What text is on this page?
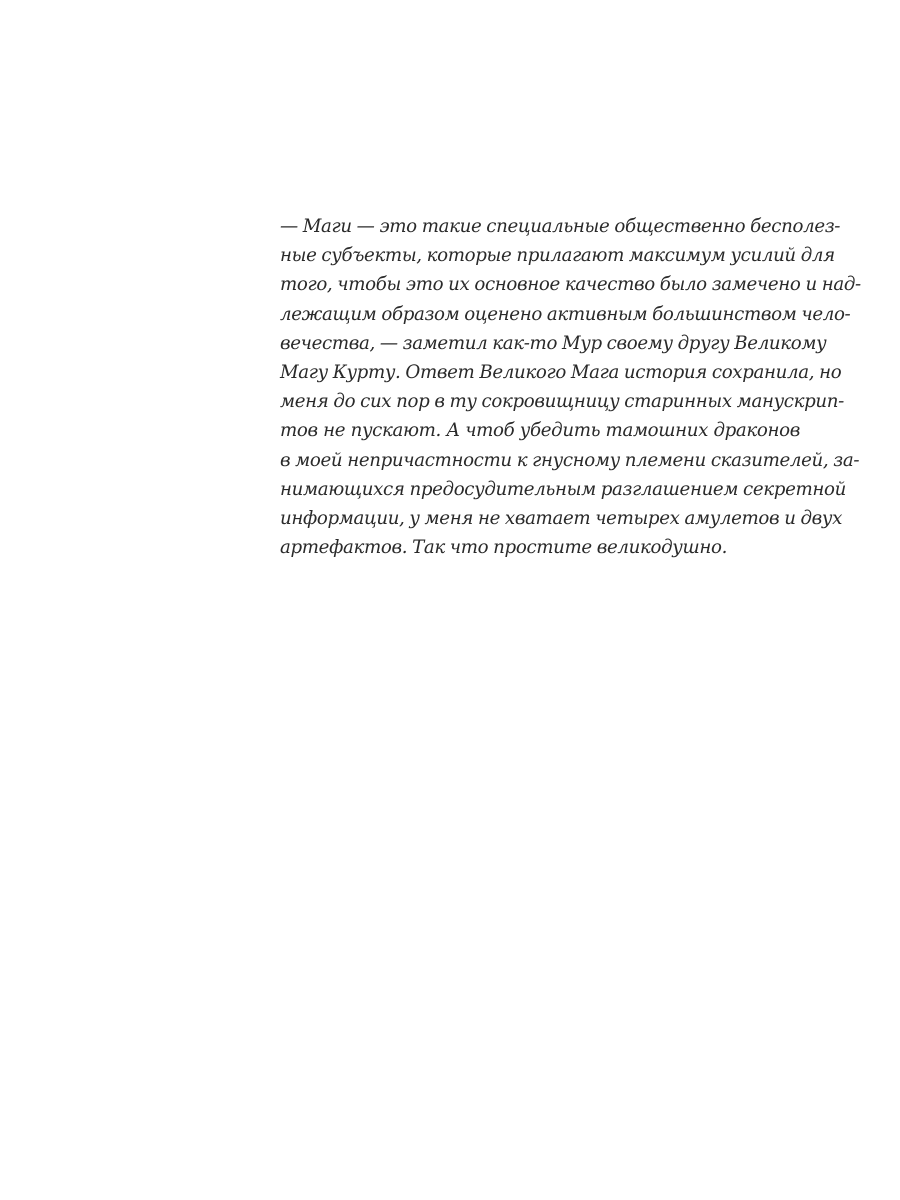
— Маги — это такие специальные общественно бесполез-
ные субъекты, которые прилагают максимум усилий для
того, чтобы это их основное качество было замечено и над-
лежащим образом оценено активным большинством чело-
вечества, — заметил как-то Мур своему другу Великому
Магу Курту. Ответ Великого Мага история сохранила, но
меня до сих пор в ту сокровищницу старинных манускрип-
тов не пускают. А чтоб убедить тамошних драконов
в моей непричастности к гнусному племени сказителей, за-
нимающихся предосудительным разглашением секретной
информации, у меня не хватает четырех амулетов и двух
артефактов. Так что простите великодушно.
